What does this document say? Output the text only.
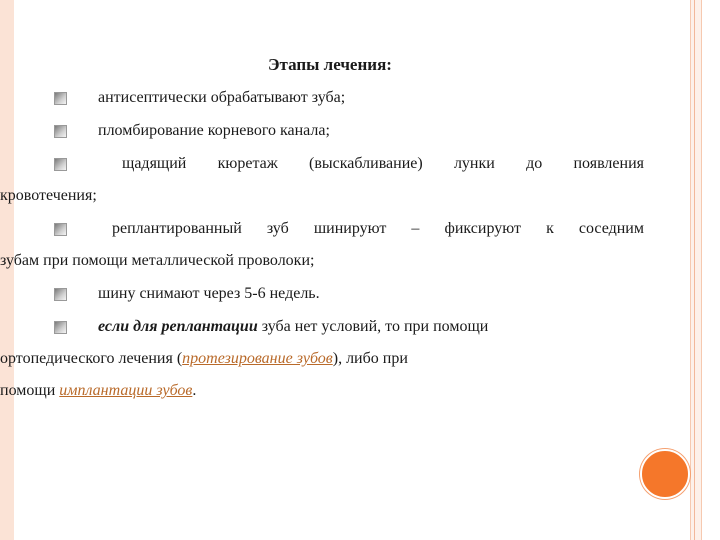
Этапы лечения:
антисептически обрабатывают зуба;
пломбирование корневого канала;
щадящий кюретаж (выскабливание) лунки до появления
кровотечения;
реплантированный зуб шинируют – фиксируют к соседним
зубам при помощи металлической проволоки;
шину снимают через 5-6 недель.
если для реплантации зуба нет условий, то при помощи
ортопедического лечения (протезирование зубов), либо при
помощи имплантации зубов.
